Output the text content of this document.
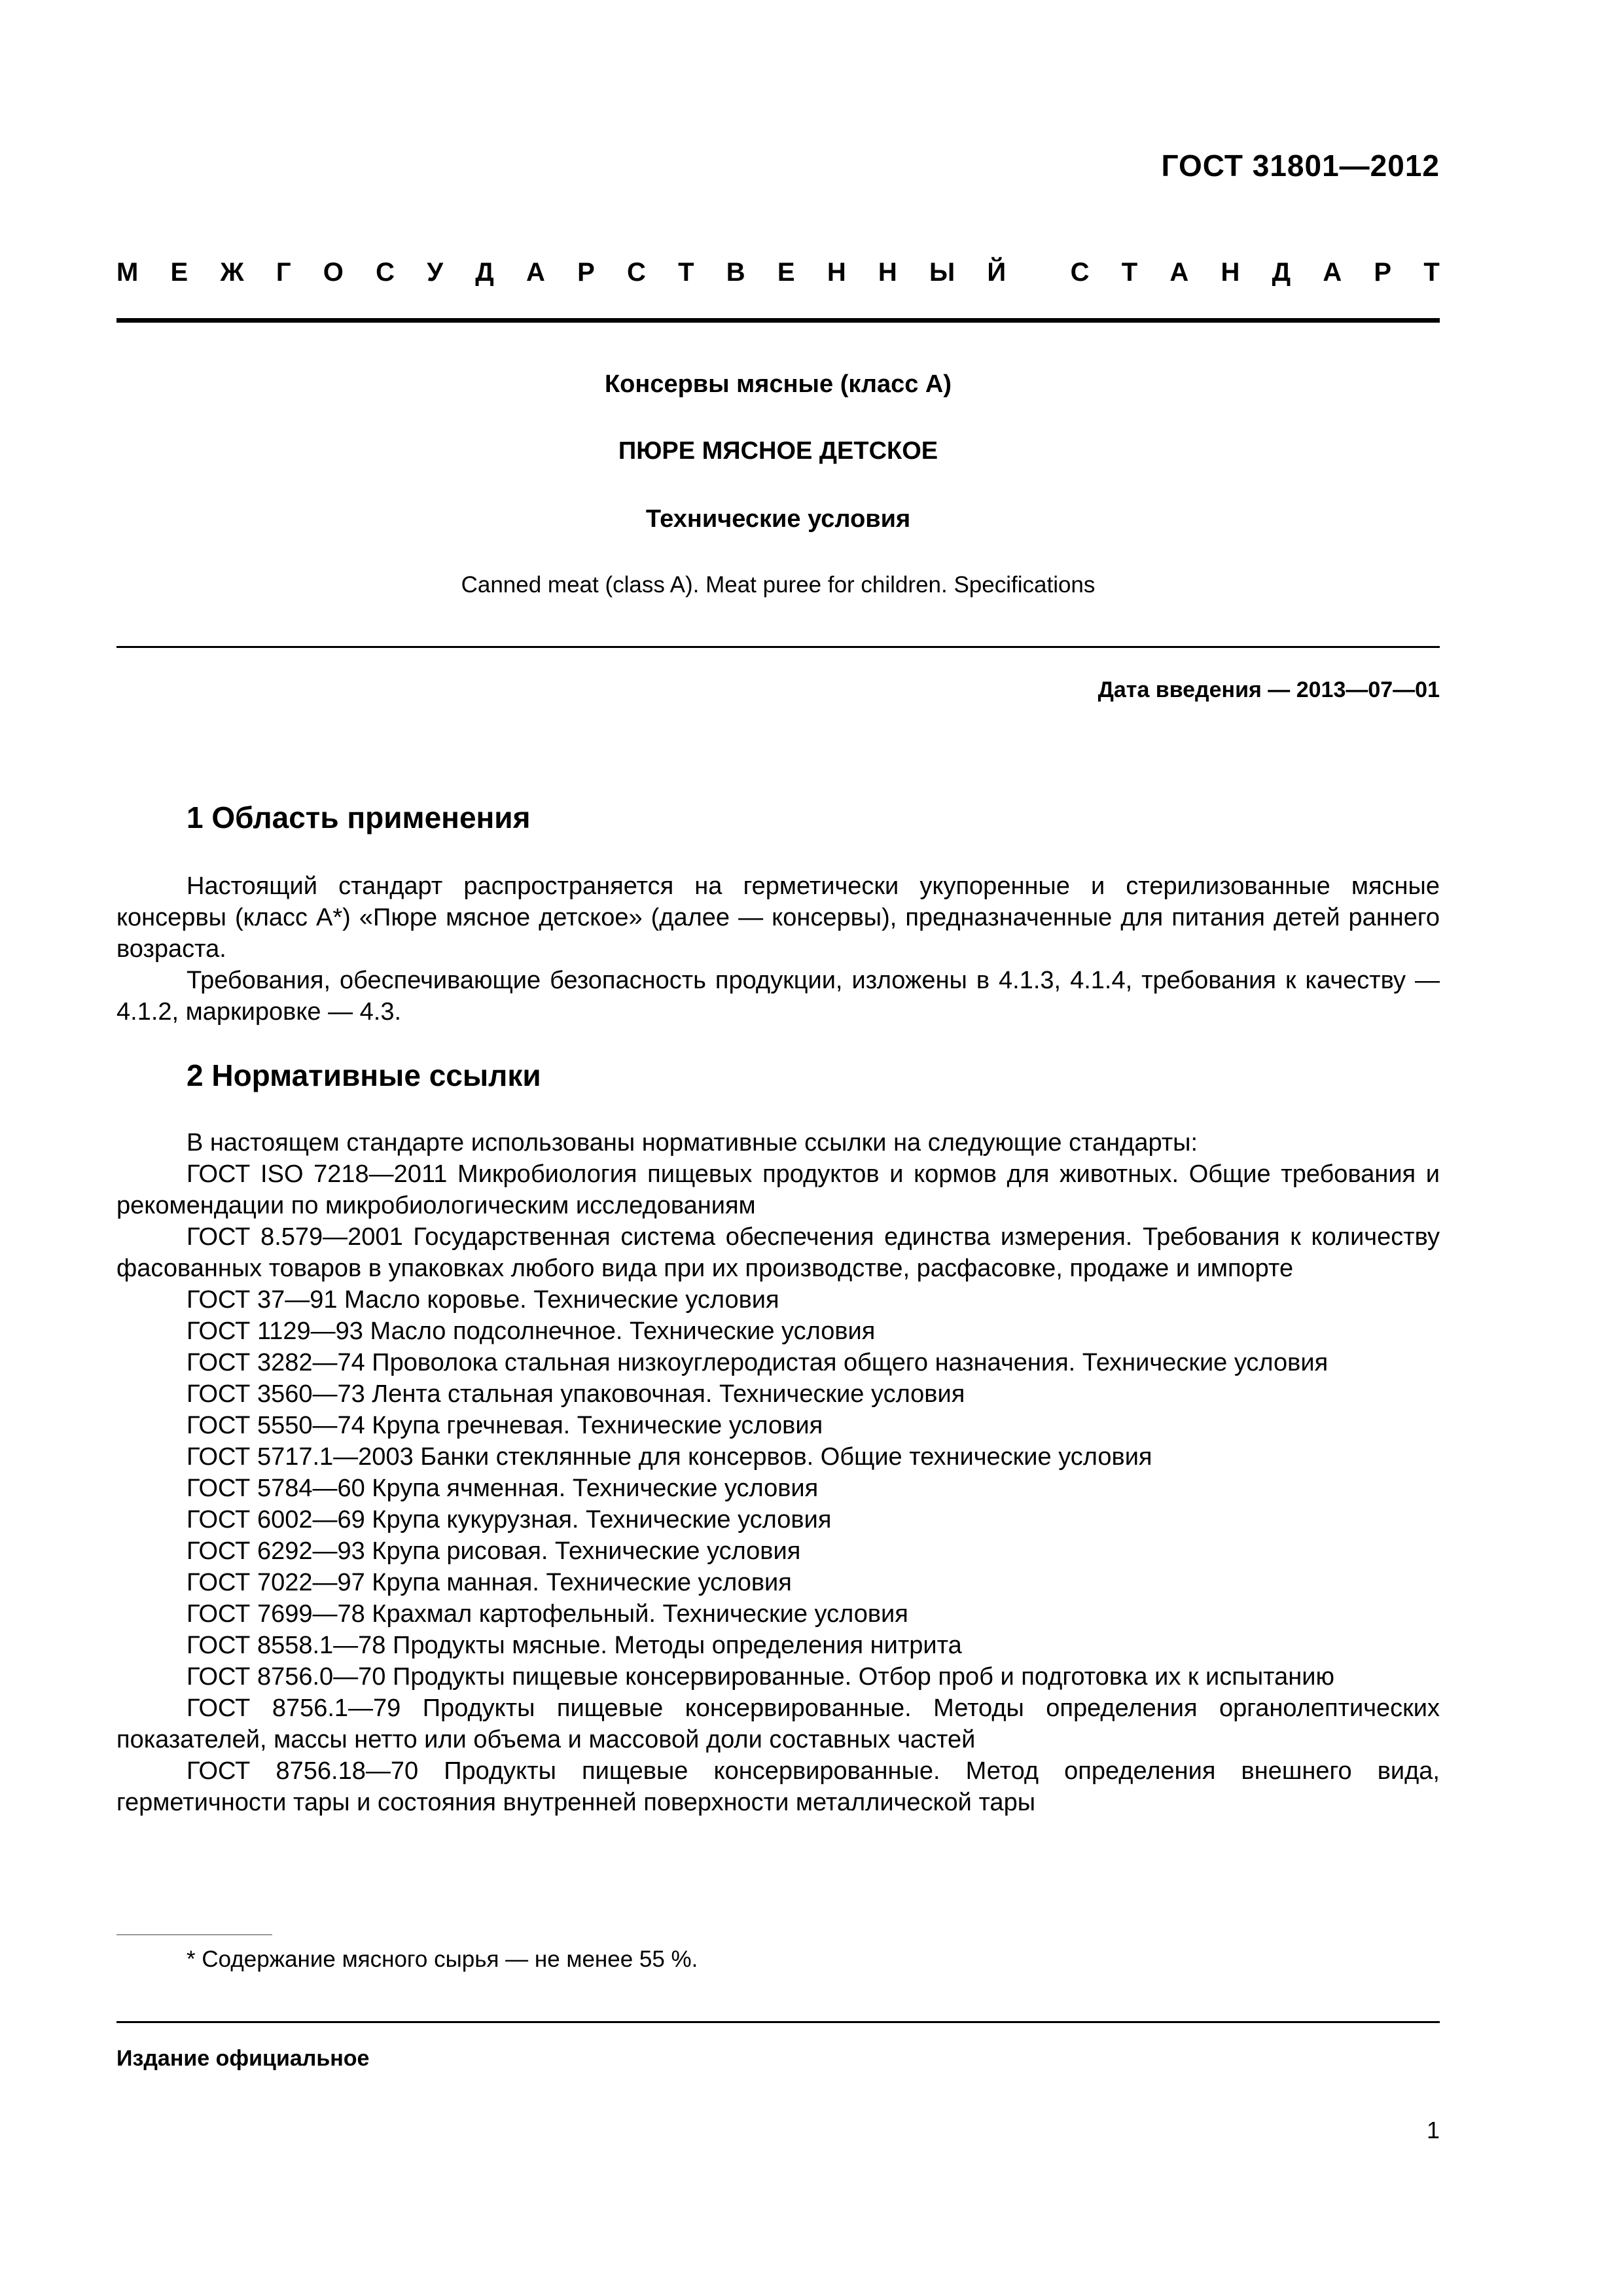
ГОСТ 31801—2012
М Е Ж Г О С У Д А Р С Т В Е Н Н Ы Й С Т А Н Д А Р Т
Консервы мясные (класс А)
ПЮРЕ МЯСНОЕ ДЕТСКОЕ
Технические условия
Canned meat (class A). Meat puree for children. Specifications
Дата введения — 2013—07—01
1 Область применения

Настоящий стандарт распространяется на герметически укупоренные и стерилизованные мясные консервы (класс А*) «Пюре мясное детское» (далее — консервы), предназначенные для питания детей раннего возраста.

Требования, обеспечивающие безопасность продукции, изложены в 4.1.3, 4.1.4, требования к качеству — 4.1.2, маркировке — 4.3.

2 Нормативные ссылки

В настоящем стандарте использованы нормативные ссылки на следующие стандарты:

ГОСТ ISO 7218—2011 Микробиология пищевых продуктов и кормов для животных. Общие требования и рекомендации по микробиологическим исследованиям

ГОСТ 8.579—2001 Государственная система обеспечения единства измерения. Требования к количеству фасованных товаров в упаковках любого вида при их производстве, расфасовке, продаже и импорте

ГОСТ 37—91 Масло коровье. Технические условия

ГОСТ 1129—93 Масло подсолнечное. Технические условия

ГОСТ 3282—74 Проволока стальная низкоуглеродистая общего назначения. Технические условия

ГОСТ 3560—73 Лента стальная упаковочная. Технические условия

ГОСТ 5550—74 Крупа гречневая. Технические условия

ГОСТ 5717.1—2003 Банки стеклянные для консервов. Общие технические условия

ГОСТ 5784—60 Крупа ячменная. Технические условия

ГОСТ 6002—69 Крупа кукурузная. Технические условия

ГОСТ 6292—93 Крупа рисовая. Технические условия

ГОСТ 7022—97 Крупа манная. Технические условия

ГОСТ 7699—78 Крахмал картофельный. Технические условия

ГОСТ 8558.1—78 Продукты мясные. Методы определения нитрита

ГОСТ 8756.0—70 Продукты пищевые консервированные. Отбор проб и подготовка их к испытанию

ГОСТ 8756.1—79 Продукты пищевые консервированные. Методы определения органолептических показателей, массы нетто или объема и массовой доли составных частей

ГОСТ 8756.18—70 Продукты пищевые консервированные. Метод определения внешнего вида, герметичности тары и состояния внутренней поверхности металлической тары

* Содержание мясного сырья — не менее 55 %.
Издание официальное
1
